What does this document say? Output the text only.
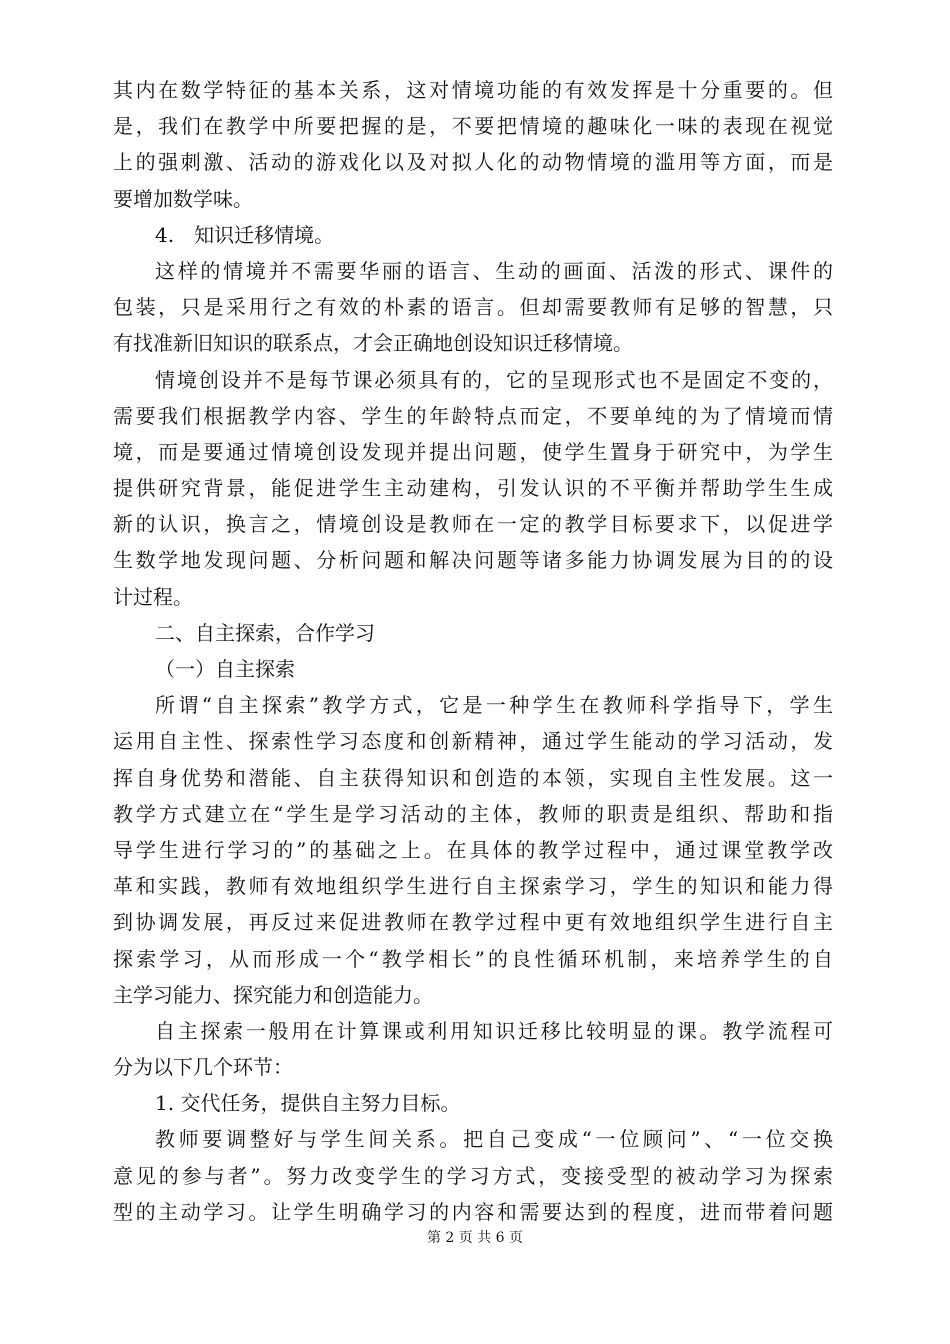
其内在数学特征的基本关系，这对情境功能的有效发挥是十分重要的。但
是，我们在教学中所要把握的是，不要把情境的趣味化一味的表现在视觉
上的强刺激、活动的游戏化以及对拟人化的动物情境的滥用等方面，而是
要增加数学味。
4.　知识迁移情境。
这样的情境并不需要华丽的语言、生动的画面、活泼的形式、课件的
包装，只是采用行之有效的朴素的语言。但却需要教师有足够的智慧，只
有找准新旧知识的联系点，才会正确地创设知识迁移情境。
情境创设并不是每节课必须具有的，它的呈现形式也不是固定不变的，
需要我们根据教学内容、学生的年龄特点而定，不要单纯的为了情境而情
境，而是要通过情境创设发现并提出问题，使学生置身于研究中，为学生
提供研究背景，能促进学生主动建构，引发认识的不平衡并帮助学生生成
新的认识，换言之，情境创设是教师在一定的教学目标要求下，以促进学
生数学地发现问题、分析问题和解决问题等诸多能力协调发展为目的的设
计过程。
二、自主探索，合作学习
（一）自主探索
所谓“自主探索”教学方式，它是一种学生在教师科学指导下，学生
运用自主性、探索性学习态度和创新精神，通过学生能动的学习活动，发
挥自身优势和潜能、自主获得知识和创造的本领，实现自主性发展。这一
教学方式建立在“学生是学习活动的主体，教师的职责是组织、帮助和指
导学生进行学习的”的基础之上。在具体的教学过程中，通过课堂教学改
革和实践，教师有效地组织学生进行自主探索学习，学生的知识和能力得
到协调发展，再反过来促进教师在教学过程中更有效地组织学生进行自主
探索学习，从而形成一个“教学相长”的良性循环机制，来培养学生的自
主学习能力、探究能力和创造能力。
自主探索一般用在计算课或利用知识迁移比较明显的课。教学流程可
分为以下几个环节：
1. 交代任务，提供自主努力目标。
教师要调整好与学生间关系。把自己变成“一位顾问”、“一位交换
意见的参与者”。努力改变学生的学习方式，变接受型的被动学习为探索
型的主动学习。让学生明确学习的内容和需要达到的程度，进而带着问题
第 2 页 共 6 页
